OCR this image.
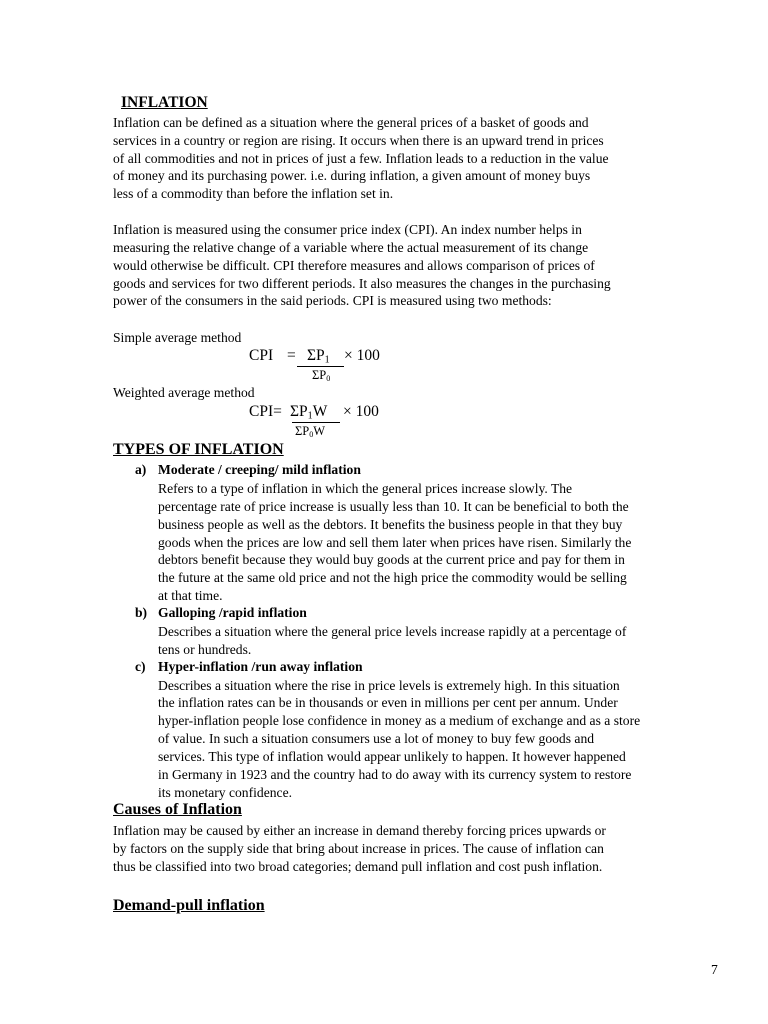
INFLATION
Inflation can be defined as a situation where the general prices of a basket of goods and
services in a country or region are rising. It occurs when there is an upward trend in prices
of all commodities and not in prices of just a few. Inflation leads to a reduction in the value
of money and its purchasing power. i.e. during inflation, a given amount of money buys
less of a commodity than before the inflation set in.
Inflation is measured using the consumer price index (CPI). An index number helps in
measuring the relative change of a variable where the actual measurement of its change
would otherwise be difficult. CPI therefore measures and allows comparison of prices of
goods and services for two different periods. It also measures the changes in the purchasing
power of the consumers in the said periods. CPI is measured using two methods:
Simple average method
CPI = $\Sigma P_1 \times 100$
$\Sigma P_0$
Weighted average method
$CPI= \Sigma P_1W \times 100$
$\Sigma P_0W$
TYPES OF INFLATION
a) Moderate / creeping/ mild inflation
Refers to a type of inflation in which the general prices increase slowly. The
percentage rate of price increase is usually less than 10. It can be beneficial to both the
business people as well as the debtors. It benefits the business people in that they buy
goods when the prices are low and sell them later when prices have risen. Similarly the
debtors benefit because they would buy goods at the current price and pay for them in
the future at the same old price and not the high price the commodity would be selling
at that time.
b) Galloping /rapid inflation
Describes a situation where the general price levels increase rapidly at a percentage of
tens or hundreds.
c) Hyper-inflation /run away inflation
Describes a situation where the rise in price levels is extremely high. In this situation
the inflation rates can be in thousands or even in millions per cent per annum. Under
hyper-inflation people lose confidence in money as a medium of exchange and as a store
of value. In such a situation consumers use a lot of money to buy few goods and
services. This type of inflation would appear unlikely to happen. It however happened
in Germany in 1923 and the country had to do away with its currency system to restore
its monetary confidence.
Causes of Inflation
Inflation may be caused by either an increase in demand thereby forcing prices upwards or
by factors on the supply side that bring about increase in prices. The cause of inflation can
thus be classified into two broad categories; demand pull inflation and cost push inflation.
Demand-pull inflation
7
